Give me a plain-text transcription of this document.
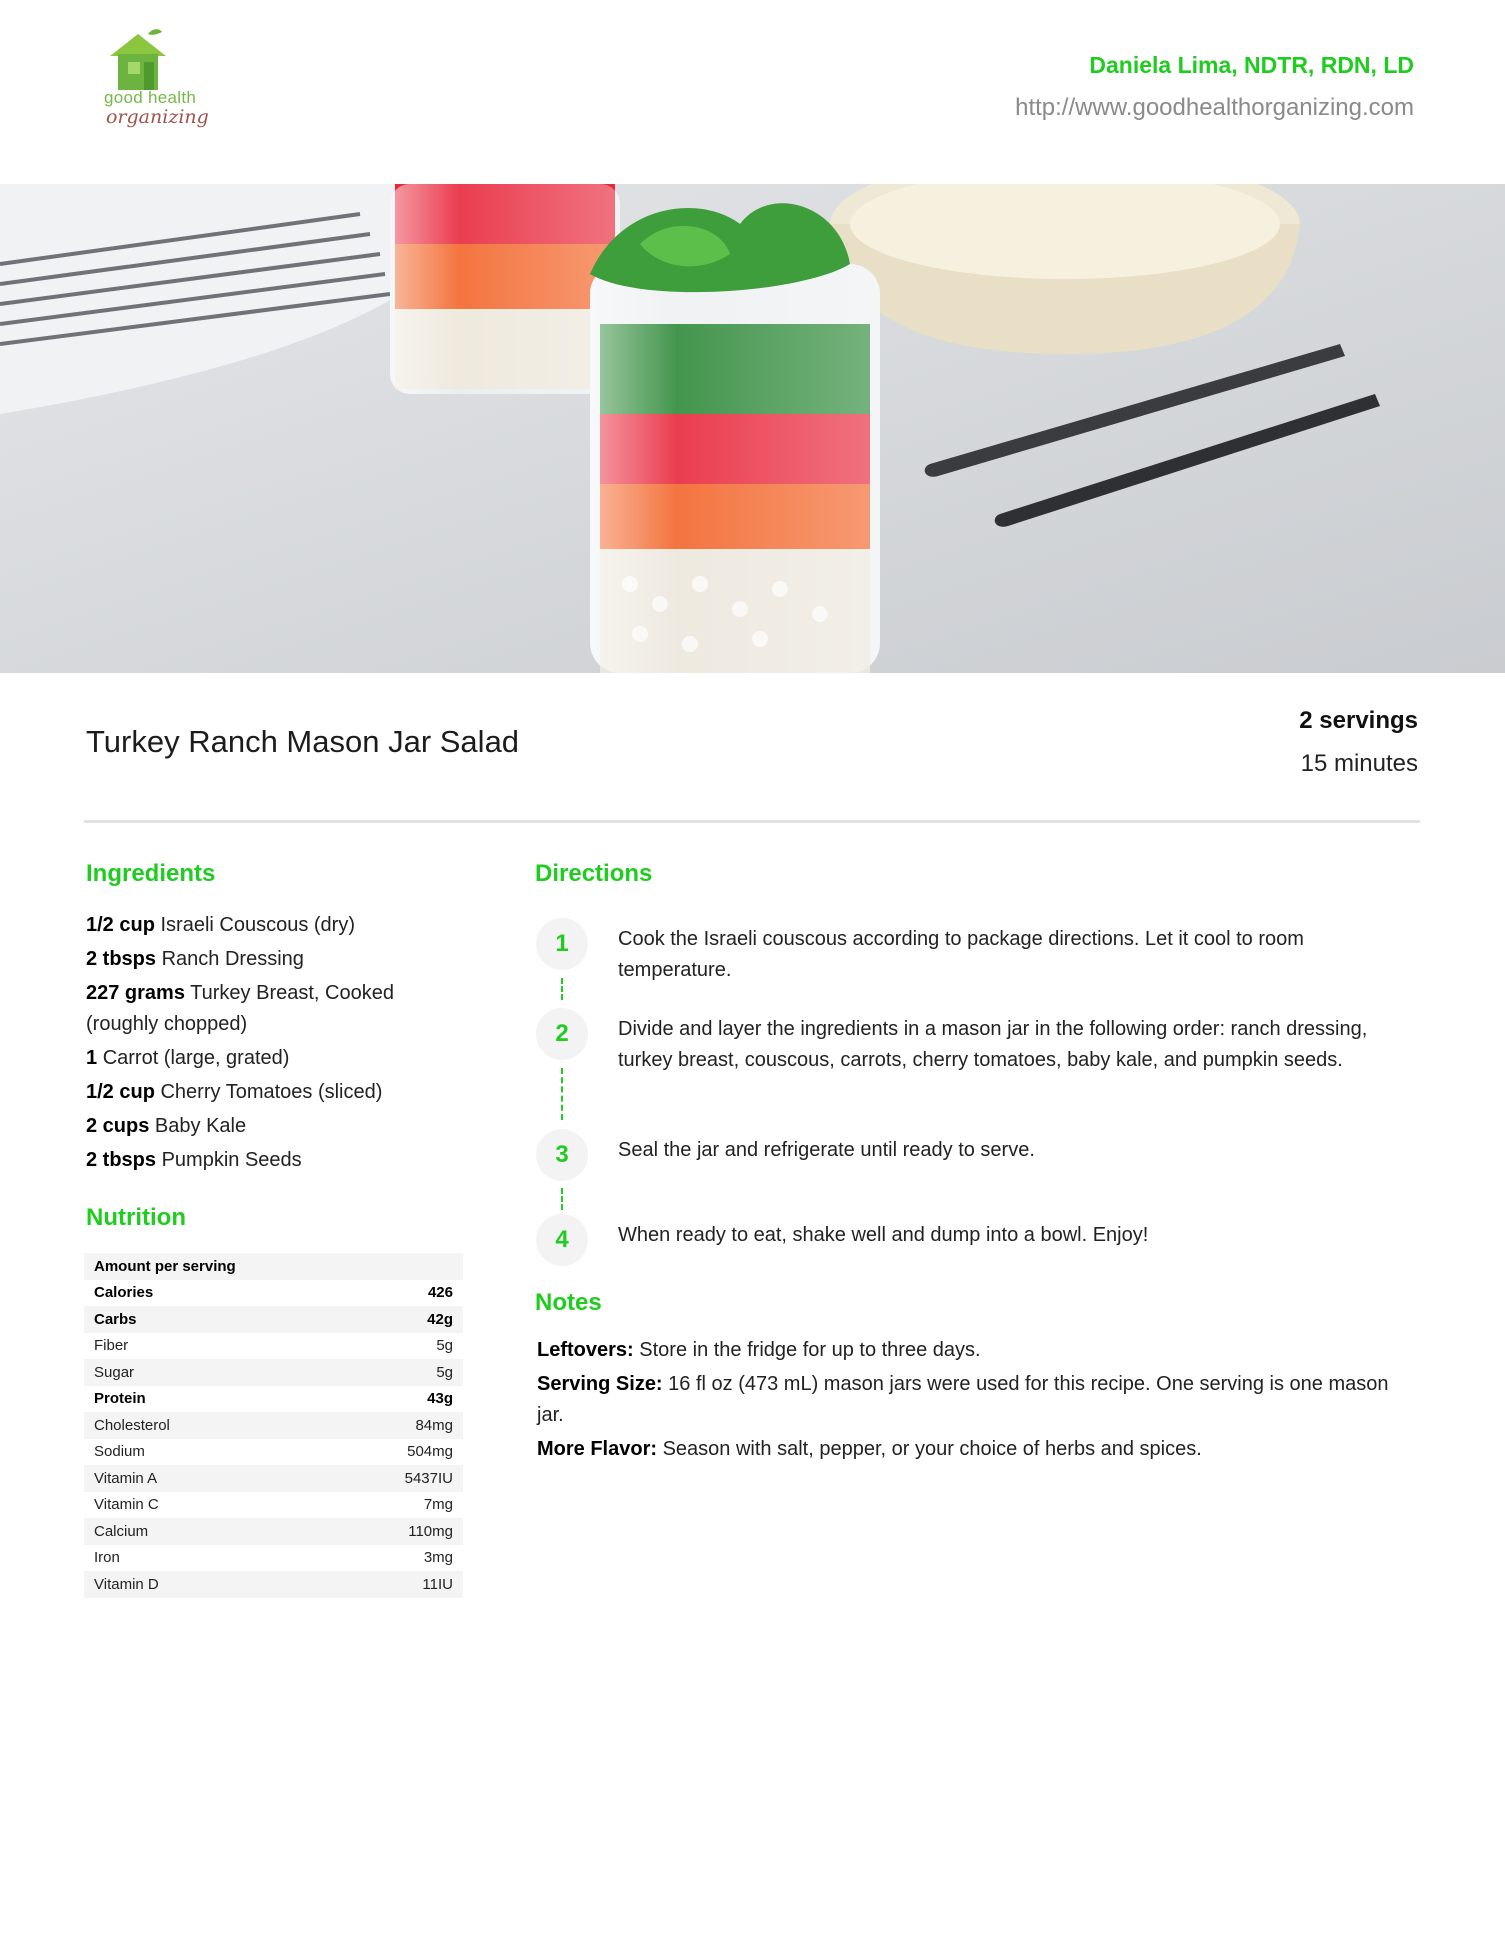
good health
organizing
Daniela Lima, NDTR, RDN, LD
http://www.goodhealthorganizing.com
Turkey Ranch Mason Jar Salad
2 servings
15 minutes
Ingredients
1/2 cup Israeli Couscous (dry)
2 tbsps Ranch Dressing
227 grams Turkey Breast, Cooked (roughly chopped)
1 Carrot (large, grated)
1/2 cup Cherry Tomatoes (sliced)
2 cups Baby Kale
2 tbsps Pumpkin Seeds
Nutrition
Amount per serving	
Calories	426
Carbs	42g
Fiber	5g
Sugar	5g
Protein	43g
Cholesterol	84mg
Sodium	504mg
Vitamin A	5437IU
Vitamin C	7mg
Calcium	110mg
Iron	3mg
Vitamin D	11IU
Directions
1	Cook the Israeli couscous according to package directions. Let it cool to room temperature.
2	Divide and layer the ingredients in a mason jar in the following order: ranch dressing, turkey breast, couscous, carrots, cherry tomatoes, baby kale, and pumpkin seeds.
3	Seal the jar and refrigerate until ready to serve.
4	When ready to eat, shake well and dump into a bowl. Enjoy!
Notes

Leftovers: Store in the fridge for up to three days.

Serving Size: 16 fl oz (473 mL) mason jars were used for this recipe. One serving is one mason jar.

More Flavor: Season with salt, pepper, or your choice of herbs and spices.
